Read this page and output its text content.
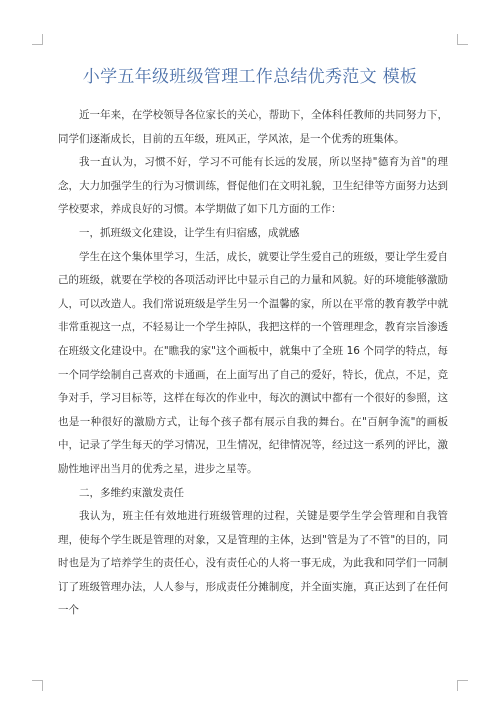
小学五年级班级管理工作总结优秀范文 模板

近一年来，在学校领导各位家长的关心，帮助下，全体科任教师的共同努力下，同学们逐渐成长，目前的五年级，班风正，学风浓，是一个优秀的班集体。

我一直认为，习惯不好，学习不可能有长远的发展，所以坚持"德育为首"的理念，大力加强学生的行为习惯训练，督促他们在文明礼貌，卫生纪律等方面努力达到学校要求，养成良好的习惯。本学期做了如下几方面的工作：

一，抓班级文化建设，让学生有归宿感，成就感

学生在这个集体里学习，生活，成长，就要让学生爱自己的班级，要让学生爱自己的班级，就要在学校的各项活动评比中显示自己的力量和风貌。好的环境能够激励人，可以改造人。我们常说班级是学生另一个温馨的家，所以在平常的教育教学中就非常重视这一点，不轻易让一个学生掉队，我把这样的一个管理理念，教育宗旨渗透在班级文化建设中。在"瞧我的家"这个画板中，就集中了全班 16 个同学的特点，每一个同学绘制自己喜欢的卡通画，在上面写出了自己的爱好，特长，优点，不足，竞争对手，学习目标等，这样在每次的作业中，每次的测试中都有一个很好的参照，这也是一种很好的激励方式，让每个孩子都有展示自我的舞台。在"百舸争流"的画板中，记录了学生每天的学习情况，卫生情况，纪律情况等，经过这一系列的评比，激励性地评出当月的优秀之星，进步之星等。

二，多维约束激发责任

我认为，班主任有效地进行班级管理的过程，关键是要学生学会管理和自我管理，使每个学生既是管理的对象，又是管理的主体，达到"管是为了不管"的目的，同时也是为了培养学生的责任心，没有责任心的人将一事无成，为此我和同学们一同制订了班级管理办法，人人参与，形成责任分摊制度，并全面实施，真正达到了在任何一个
